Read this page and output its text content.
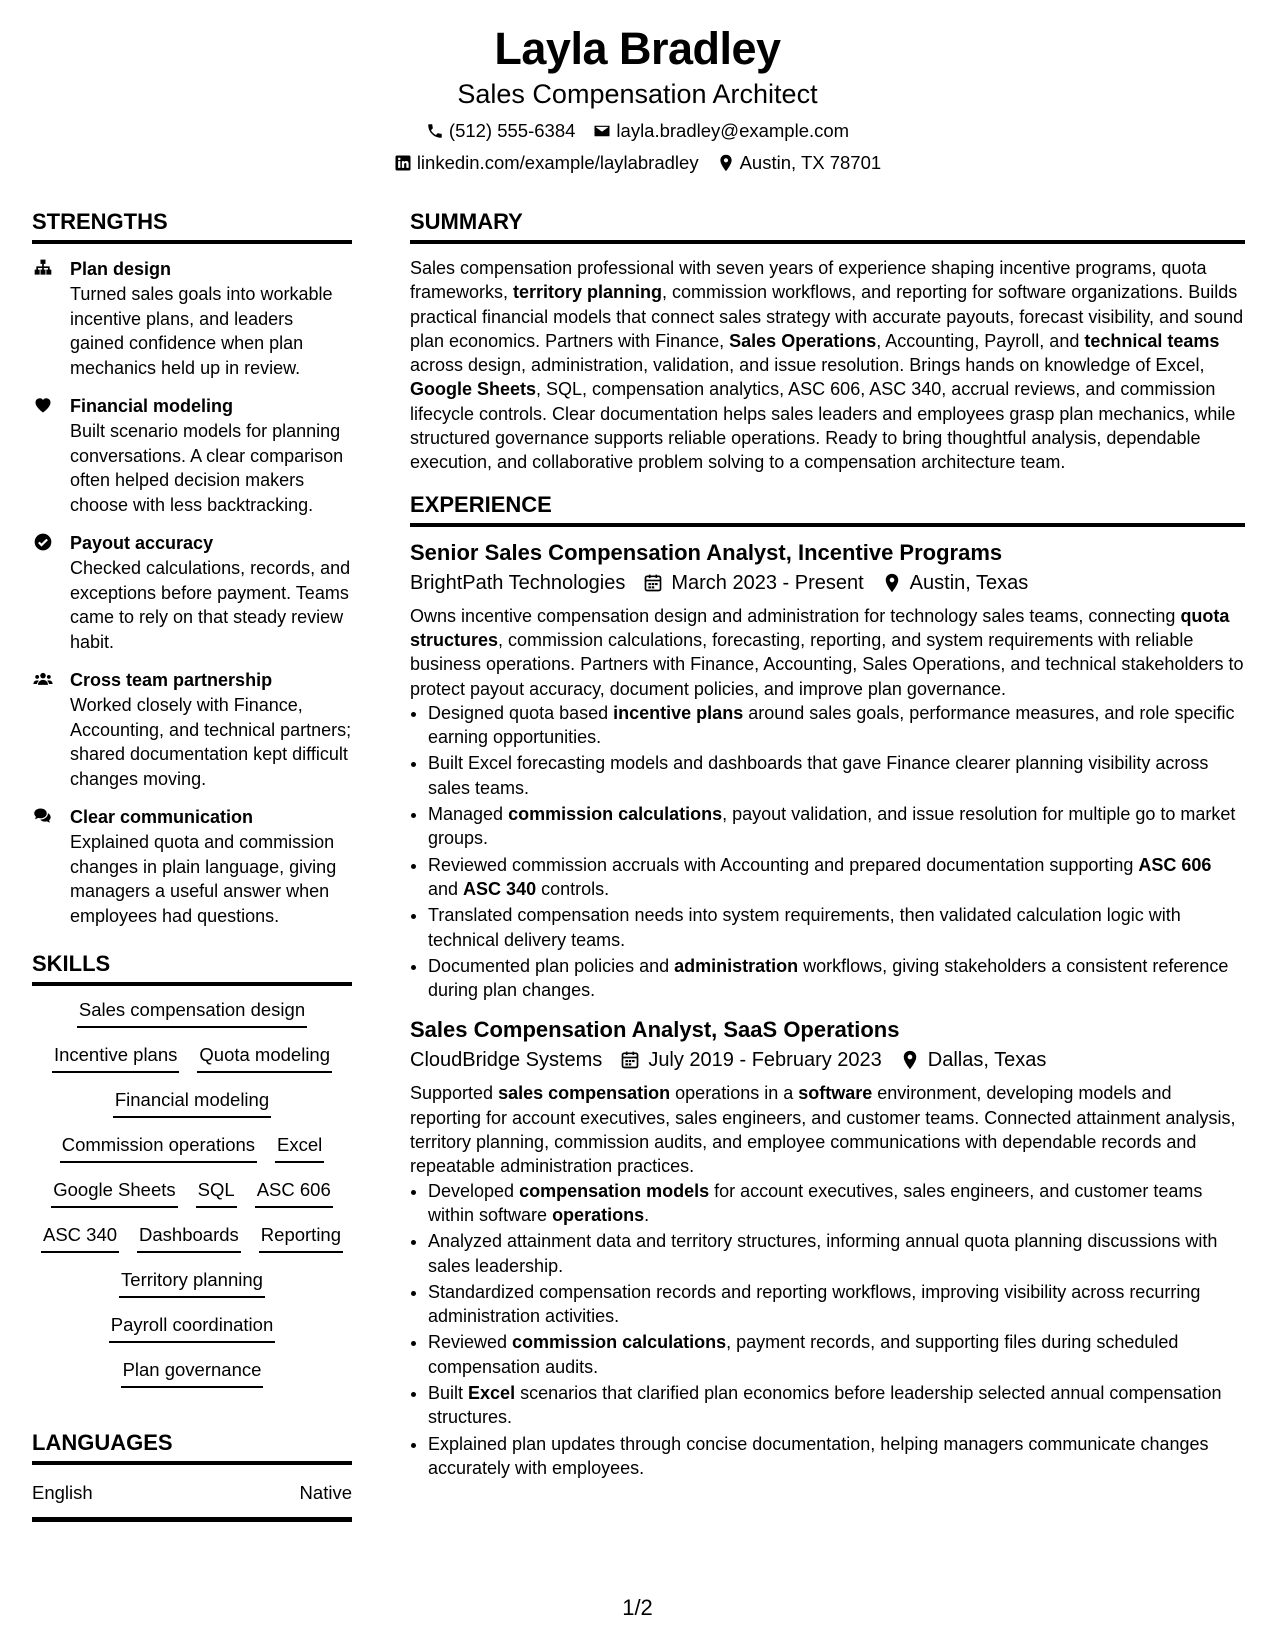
Layla Bradley
Sales Compensation Architect
(512) 555-6384 layla.bradley@example.com
linkedin.com/example/laylabradley Austin, TX 78701
STRENGTHS
Plan design
Turned sales goals into workable incentive plans, and leaders gained confidence when plan mechanics held up in review.
Financial modeling
Built scenario models for planning conversations. A clear comparison often helped decision makers choose with less backtracking.
Payout accuracy
Checked calculations, records, and exceptions before payment. Teams came to rely on that steady review habit.
Cross team partnership
Worked closely with Finance, Accounting, and technical partners; shared documentation kept difficult changes moving.
Clear communication
Explained quota and commission changes in plain language, giving managers a useful answer when employees had questions.
SKILLS
Sales compensation design
Incentive plans Quota modeling
Financial modeling
Commission operations Excel
Google Sheets SQL ASC 606
ASC 340 Dashboards Reporting
Territory planning
Payroll coordination
Plan governance
LANGUAGES
English	Native
SUMMARY
Sales compensation professional with seven years of experience shaping incentive programs, quota frameworks, territory planning, commission workflows, and reporting for software organizations. Builds practical financial models that connect sales strategy with accurate payouts, forecast visibility, and sound plan economics. Partners with Finance, Sales Operations, Accounting, Payroll, and technical teams across design, administration, validation, and issue resolution. Brings hands on knowledge of Excel, Google Sheets, SQL, compensation analytics, ASC 606, ASC 340, accrual reviews, and commission lifecycle controls. Clear documentation helps sales leaders and employees grasp plan mechanics, while structured governance supports reliable operations. Ready to bring thoughtful analysis, dependable execution, and collaborative problem solving to a compensation architecture team.
EXPERIENCE
Senior Sales Compensation Analyst, Incentive Programs
BrightPath Technologies March 2023 - Present Austin, Texas
Owns incentive compensation design and administration for technology sales teams, connecting quota structures, commission calculations, forecasting, reporting, and system requirements with reliable business operations. Partners with Finance, Accounting, Sales Operations, and technical stakeholders to protect payout accuracy, document policies, and improve plan governance.
• Designed quota based incentive plans around sales goals, performance measures, and role specific earning opportunities.
• Built Excel forecasting models and dashboards that gave Finance clearer planning visibility across sales teams.
• Managed commission calculations, payout validation, and issue resolution for multiple go to market groups.
• Reviewed commission accruals with Accounting and prepared documentation supporting ASC 606 and ASC 340 controls.
• Translated compensation needs into system requirements, then validated calculation logic with technical delivery teams.
• Documented plan policies and administration workflows, giving stakeholders a consistent reference during plan changes.
Sales Compensation Analyst, SaaS Operations
CloudBridge Systems July 2019 - February 2023 Dallas, Texas
Supported sales compensation operations in a software environment, developing models and reporting for account executives, sales engineers, and customer teams. Connected attainment analysis, territory planning, commission audits, and employee communications with dependable records and repeatable administration practices.
• Developed compensation models for account executives, sales engineers, and customer teams within software operations.
• Analyzed attainment data and territory structures, informing annual quota planning discussions with sales leadership.
• Standardized compensation records and reporting workflows, improving visibility across recurring administration activities.
• Reviewed commission calculations, payment records, and supporting files during scheduled compensation audits.
• Built Excel scenarios that clarified plan economics before leadership selected annual compensation structures.
• Explained plan updates through concise documentation, helping managers communicate changes accurately with employees.
1/2
